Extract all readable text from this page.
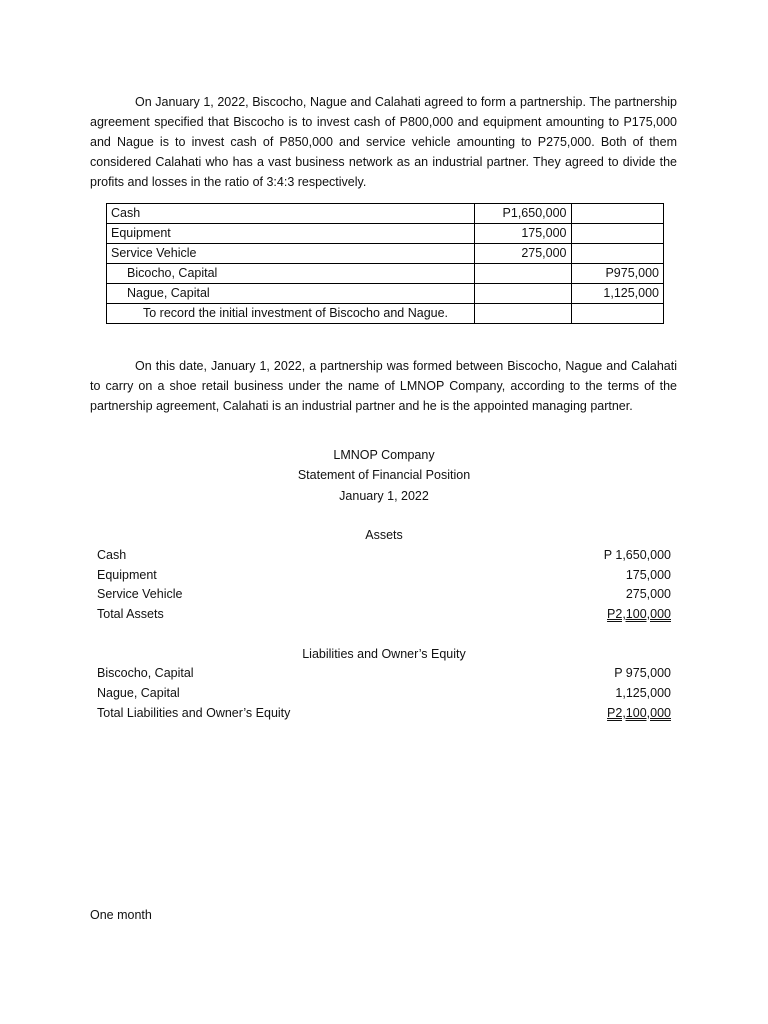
On January 1, 2022, Biscocho, Nague and Calahati agreed to form a partnership. The partnership agreement specified that Biscocho is to invest cash of P800,000 and equipment amounting to P175,000 and Nague is to invest cash of P850,000 and service vehicle amounting to P275,000. Both of them considered Calahati who has a vast business network as an industrial partner. They agreed to divide the profits and losses in the ratio of 3:4:3 respectively.

Cash	P1,650,000	
Equipment	175,000	
Service Vehicle	275,000	
Bicocho, Capital		P975,000
Nague, Capital		1,125,000
To record the initial investment of Biscocho and Nague.		

On this date, January 1, 2022, a partnership was formed between Biscocho, Nague and Calahati to carry on a shoe retail business under the name of LMNOP Company, according to the terms of the partnership agreement, Calahati is an industrial partner and he is the appointed managing partner.

LMNOP Company
Statement of Financial Position
January 1, 2022
Assets
Cash	P 1,650,000
Equipment	175,000
Service Vehicle	275,000
Total Assets	P2,100,000
Liabilities and Owner’s Equity
Biscocho, Capital	P 975,000
Nague, Capital	1,125,000
Total Liabilities and Owner’s Equity	P2,100,000
One month
